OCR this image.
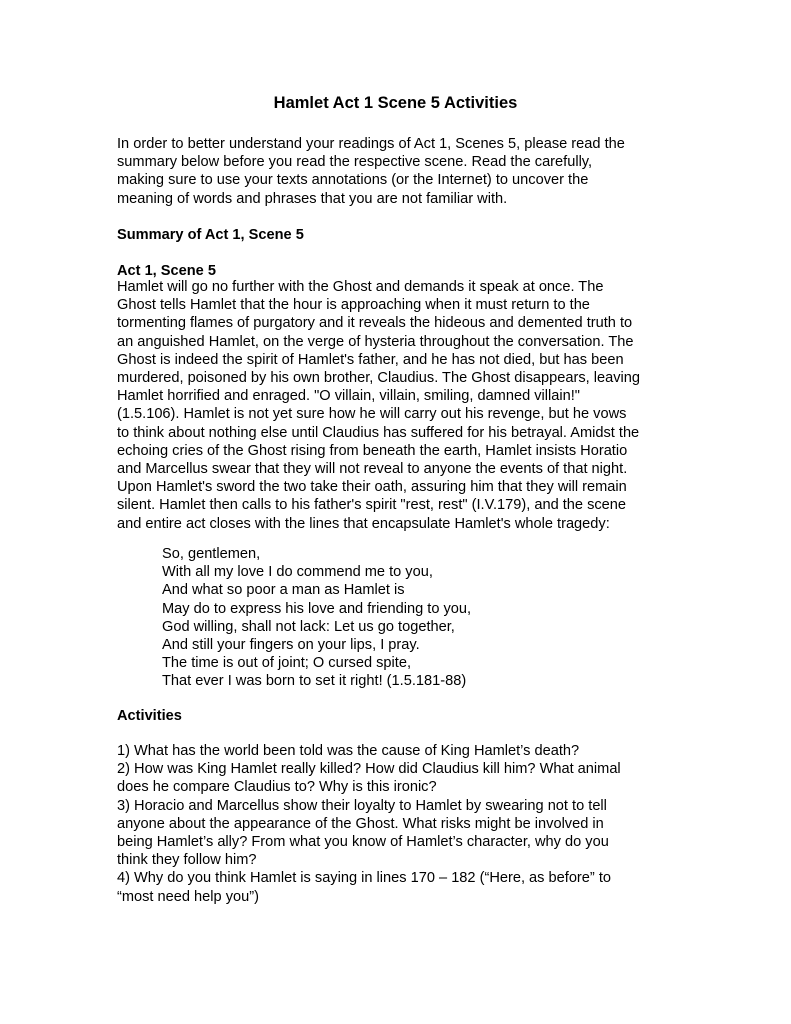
Hamlet Act 1 Scene 5 Activities

In order to better understand your readings of Act 1, Scenes 5, please read the
summary below before you read the respective scene. Read the carefully,
making sure to use your texts annotations (or the Internet) to uncover the
meaning of words and phrases that you are not familiar with.

Summary of Act 1, Scene 5

Act 1, Scene 5

Hamlet will go no further with the Ghost and demands it speak at once. The
Ghost tells Hamlet that the hour is approaching when it must return to the
tormenting flames of purgatory and it reveals the hideous and demented truth to
an anguished Hamlet, on the verge of hysteria throughout the conversation. The
Ghost is indeed the spirit of Hamlet's father, and he has not died, but has been
murdered, poisoned by his own brother, Claudius. The Ghost disappears, leaving
Hamlet horrified and enraged. "O villain, villain, smiling, damned villain!"
(1.5.106). Hamlet is not yet sure how he will carry out his revenge, but he vows
to think about nothing else until Claudius has suffered for his betrayal. Amidst the
echoing cries of the Ghost rising from beneath the earth, Hamlet insists Horatio
and Marcellus swear that they will not reveal to anyone the events of that night.
Upon Hamlet's sword the two take their oath, assuring him that they will remain
silent. Hamlet then calls to his father's spirit "rest, rest" (I.V.179), and the scene
and entire act closes with the lines that encapsulate Hamlet's whole tragedy:

So, gentlemen,
With all my love I do commend me to you,
And what so poor a man as Hamlet is
May do to express his love and friending to you,
God willing, shall not lack: Let us go together,
And still your fingers on your lips, I pray.
The time is out of joint; O cursed spite,
That ever I was born to set it right! (1.5.181-88)

Activities

1) What has the world been told was the cause of King Hamlet’s death?
2) How was King Hamlet really killed? How did Claudius kill him? What animal
does he compare Claudius to? Why is this ironic?
3) Horacio and Marcellus show their loyalty to Hamlet by swearing not to tell
anyone about the appearance of the Ghost. What risks might be involved in
being Hamlet’s ally? From what you know of Hamlet’s character, why do you
think they follow him?
4) Why do you think Hamlet is saying in lines 170 – 182 (“Here, as before” to
“most need help you”)
